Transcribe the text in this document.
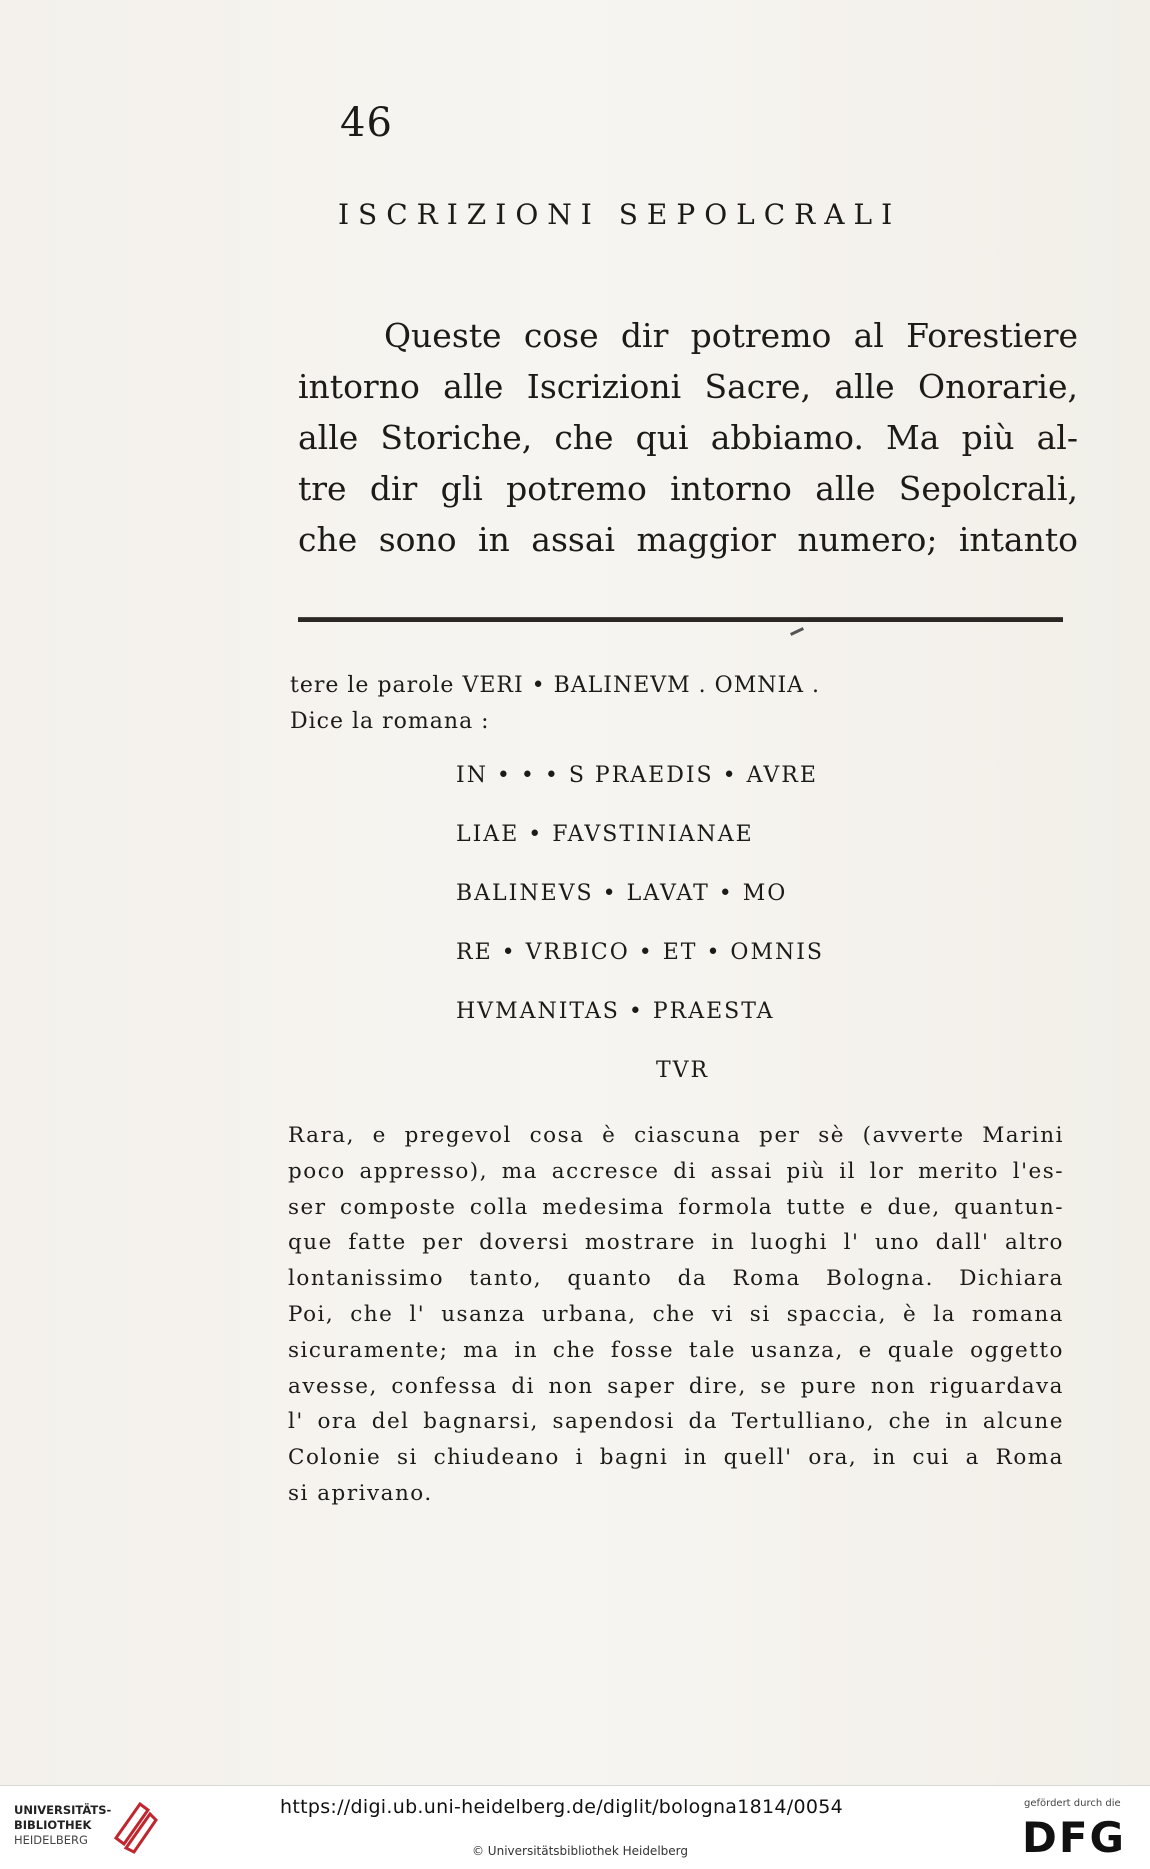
46
ISCRIZIONI SEPOLCRALI
Queste cose dir potremo al Forestiere
intorno alle Iscrizioni Sacre, alle Onorarie,
alle Storiche, che qui abbiamo. Ma più al-
tre dir gli potremo intorno alle Sepolcrali,
che sono in assai maggior numero; intanto
tere le parole VERI • BALINEVM . OMNIA .
Dice la romana :
IN • • • S PRAEDIS • AVRE
LIAE • FAVSTINIANAE
BALINEVS • LAVAT • MO
RE • VRBICO • ET • OMNIS
HVMANITAS • PRAESTA
TVR
Rara, e pregevol cosa è ciascuna per sè (avverte Marini
poco appresso), ma accresce di assai più il lor merito l'es-
ser composte colla medesima formola tutte e due, quantun-
que fatte per doversi mostrare in luoghi l' uno dall' altro
lontanissimo tanto, quanto da Roma Bologna. Dichiara
Poi, che l' usanza urbana, che vi si spaccia, è la romana
sicuramente; ma in che fosse tale usanza, e quale oggetto
avesse, confessa di non saper dire, se pure non riguardava
l' ora del bagnarsi, sapendosi da Tertulliano, che in alcune
Colonie si chiudeano i bagni in quell' ora, in cui a Roma
si aprivano.
UNIVERSITÄTS-
BIBLIOTHEK
HEIDELBERG
https://digi.ub.uni-heidelberg.de/diglit/bologna1814/0054
© Universitätsbibliothek Heidelberg
gefördert durch die
DFG
